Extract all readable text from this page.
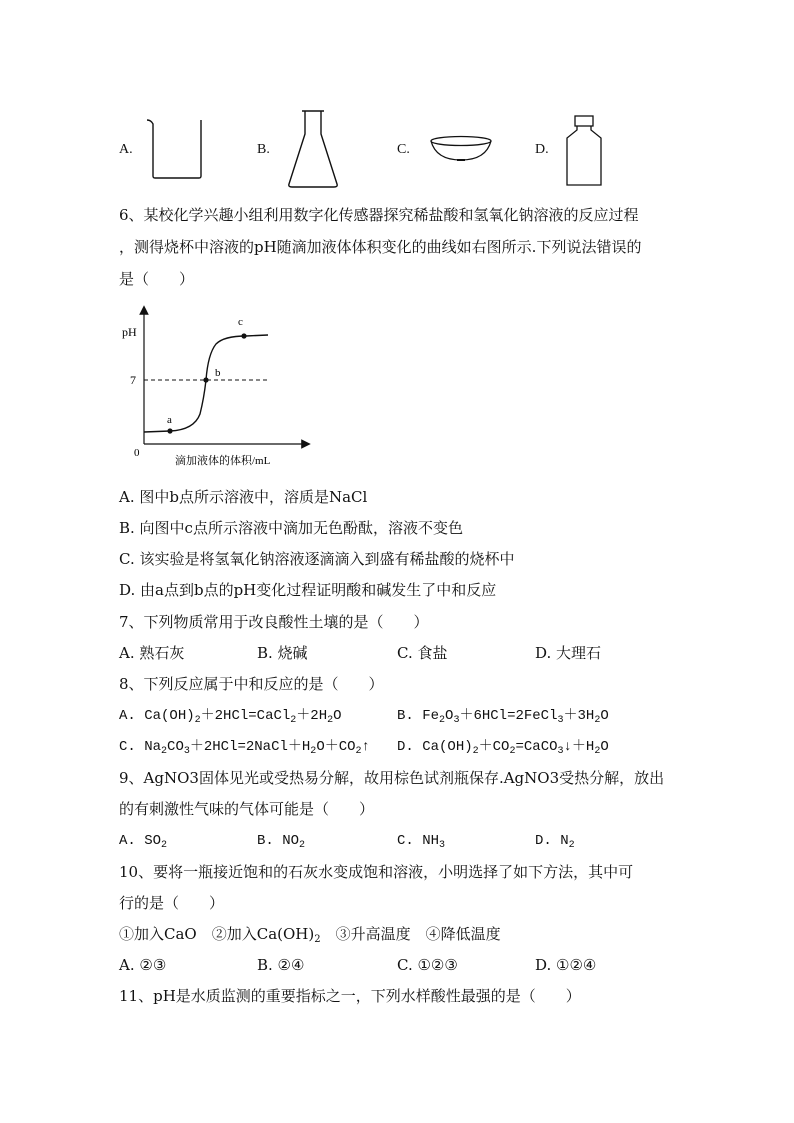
A.	B.	C.	D.
6、某校化学兴趣小组利用数字化传感器探究稀盐酸和氢氧化钠溶液的反应过程
，测得烧杯中溶液的pH随滴加液体体积变化的曲线如右图所示.下列说法错误的
是（　　）
a
b
c
pH
7
0
滴加液体的体积/mL
A. 图中b点所示溶液中，溶质是NaCl
B. 向图中c点所示溶液中滴加无色酚酞，溶液不变色
C. 该实验是将氢氧化钠溶液逐滴滴入到盛有稀盐酸的烧杯中
D. 由a点到b点的pH变化过程证明酸和碱发生了中和反应
7、下列物质常用于改良酸性土壤的是（　　）
A. 熟石灰	B. 烧碱	C. 食盐	D. 大理石
8、下列反应属于中和反应的是（　　）
A. $Ca(OH)_2+2HCl=CaCl_2+2H_2O$	B. $Fe_2O_3+6HCl=2FeCl_3+3H_2O$
C. $Na_2CO_3+2HCl=2NaCl+H_2O+CO_2↑$ D. $Ca(OH)_2+CO_2=CaCO_3↓+H_2O$
9、AgNO3固体见光或受热易分解，故用棕色试剂瓶保存.AgNO3受热分解，放出
的有刺激性气味的气体可能是（　　）
A. $SO_2$	B. $NO_2$	C. $NH_3$	D. $N_2$
10、要将一瓶接近饱和的石灰水变成饱和溶液，小明选择了如下方法，其中可
行的是（　　）
①加入CaO　②加入$Ca(OH)_2$　③升高温度　④降低温度
A. ②③	B. ②④	C. ①②③	D. ①②④
11、pH是水质监测的重要指标之一，下列水样酸性最强的是（　　）
